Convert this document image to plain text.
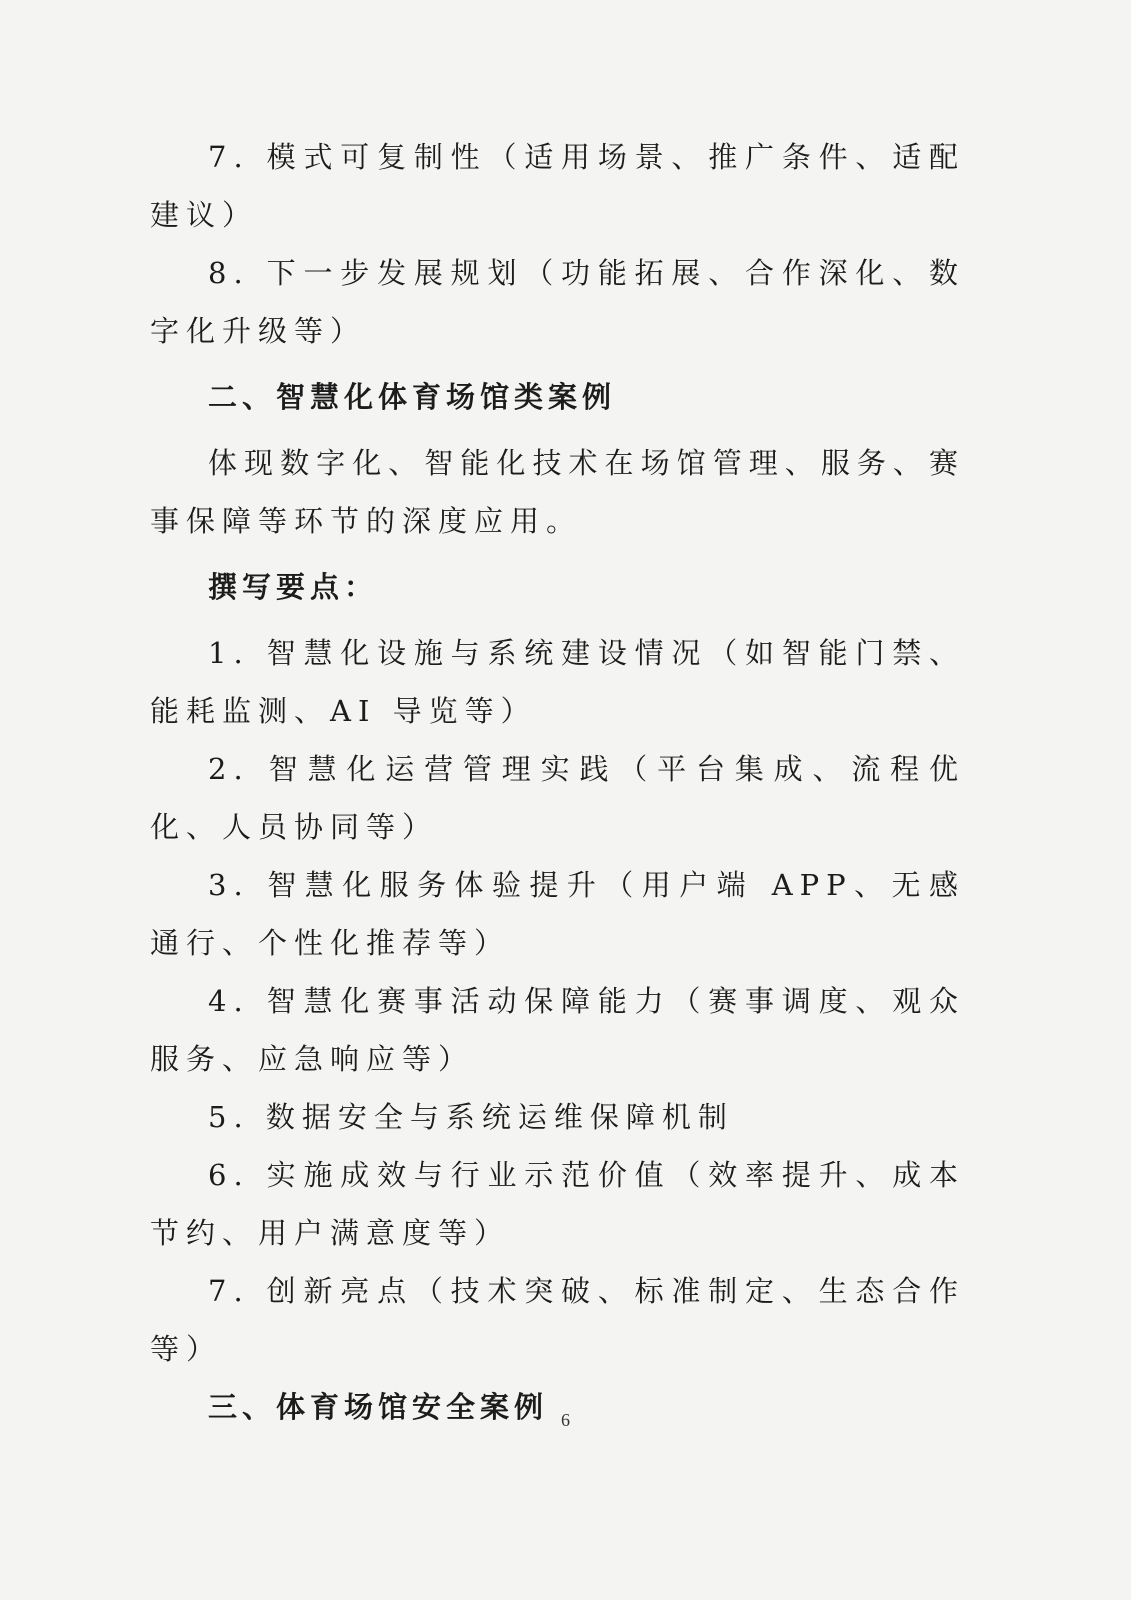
7. 模式可复制性（适用场景、推广条件、适配建议）

8. 下一步发展规划（功能拓展、合作深化、数字化升级等）

二、智慧化体育场馆类案例

体现数字化、智能化技术在场馆管理、服务、赛事保障等环节的深度应用。

撰写要点：

1. 智慧化设施与系统建设情况（如智能门禁、能耗监测、AI 导览等）

2. 智慧化运营管理实践（平台集成、流程优化、人员协同等）

3. 智慧化服务体验提升（用户端 APP、无感通行、个性化推荐等）

4. 智慧化赛事活动保障能力（赛事调度、观众服务、应急响应等）

5. 数据安全与系统运维保障机制

6. 实施成效与行业示范价值（效率提升、成本节约、用户满意度等）

7. 创新亮点（技术突破、标准制定、生态合作等）

三、体育场馆安全案例 6
